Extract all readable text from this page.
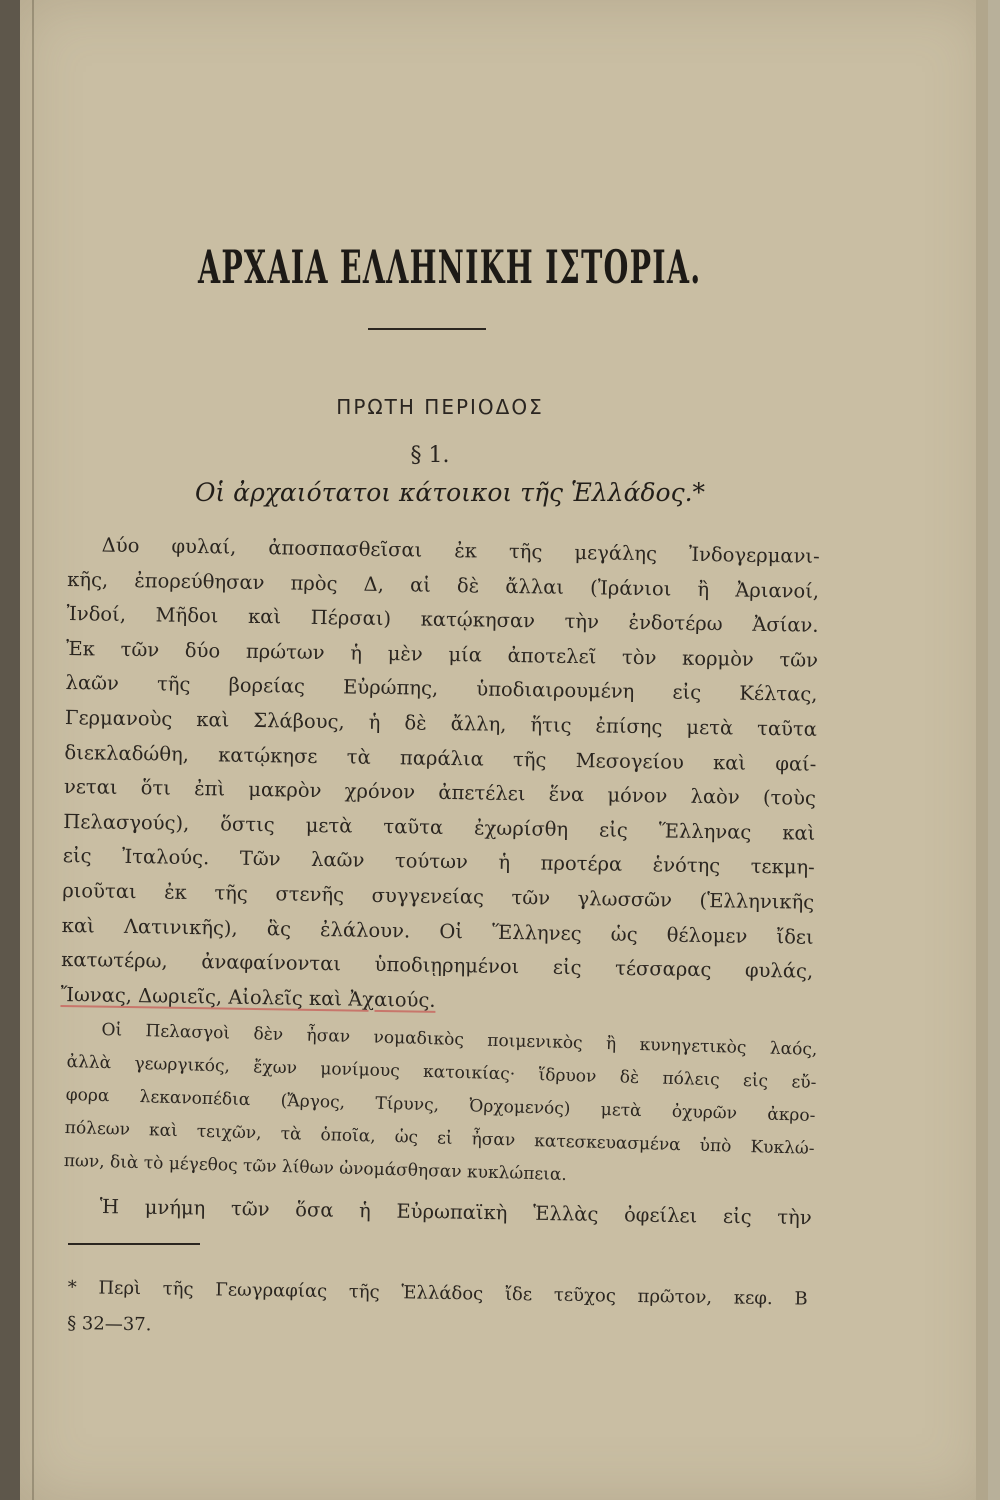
ΑΡΧΑΙΑ ΕΛΛΗΝΙΚΗ ΙΣΤΟΡΙΑ.
ΠΡΩΤΗ ΠΕΡΙΟΔΟΣ
§ 1.
Οἱ ἀρχαιότατοι κάτοικοι τῆς Ἑλλάδος.*
Δύο φυλαί, ἀποσπασθεῖσαι ἐκ τῆς μεγάλης Ἰνδογερμανι-
κῆς, ἐπορεύθησαν πρὸς Δ, αἱ δὲ ἄλλαι (Ἰράνιοι ἢ Ἀριανοί,
Ἰνδοί, Μῆδοι καὶ Πέρσαι) κατῴκησαν τὴν ἐνδοτέρω Ἀσίαν.
Ἐκ τῶν δύο πρώτων ἡ μὲν μία ἀποτελεῖ τὸν κορμὸν τῶν
λαῶν τῆς βορείας Εὐρώπης, ὑποδιαιρουμένη εἰς Κέλτας,
Γερμανοὺς καὶ Σλάβους, ἡ δὲ ἄλλη, ἥτις ἐπίσης μετὰ ταῦτα
διεκλαδώθη, κατῴκησε τὰ παράλια τῆς Μεσογείου καὶ φαί-
νεται ὅτι ἐπὶ μακρὸν χρόνον ἀπετέλει ἕνα μόνον λαὸν (τοὺς
Πελασγούς), ὅστις μετὰ ταῦτα ἐχωρίσθη εἰς Ἕλληνας καὶ
εἰς Ἰταλούς. Τῶν λαῶν τούτων ἡ προτέρα ἑνότης τεκμη-
ριοῦται ἐκ τῆς στενῆς συγγενείας τῶν γλωσσῶν (Ἑλληνικῆς
καὶ Λατινικῆς), ἃς ἐλάλουν. Οἱ Ἕλληνες ὡς θέλομεν ἴδει
κατωτέρω, ἀναφαίνονται ὑποδιῃρημένοι εἰς τέσσαρας φυλάς,
Ἴωνας, Δωριεῖς, Αἰολεῖς καὶ Ἀχαιούς.
Οἱ Πελασγοὶ δὲν ἦσαν νομαδικὸς ποιμενικὸς ἢ κυνηγετικὸς λαός,
ἀλλὰ γεωργικός, ἔχων μονίμους κατοικίας· ἵδρυον δὲ πόλεις εἰς εὔ-
φορα λεκανοπέδια (Ἄργος, Τίρυνς, Ὀρχομενός) μετὰ ὀχυρῶν ἀκρο-
πόλεων καὶ τειχῶν, τὰ ὁποῖα, ὡς εἰ ἦσαν κατεσκευασμένα ὑπὸ Κυκλώ-
πων, διὰ τὸ μέγεθος τῶν λίθων ὠνομάσθησαν κυκλώπεια.
Ἡ μνήμη τῶν ὅσα ἡ Εὐρωπαϊκὴ Ἑλλὰς ὀφείλει εἰς τὴν
* Περὶ τῆς Γεωγραφίας τῆς Ἑλλάδος ἴδε τεῦχος πρῶτον, κεφ. Β
§ 32—37.
